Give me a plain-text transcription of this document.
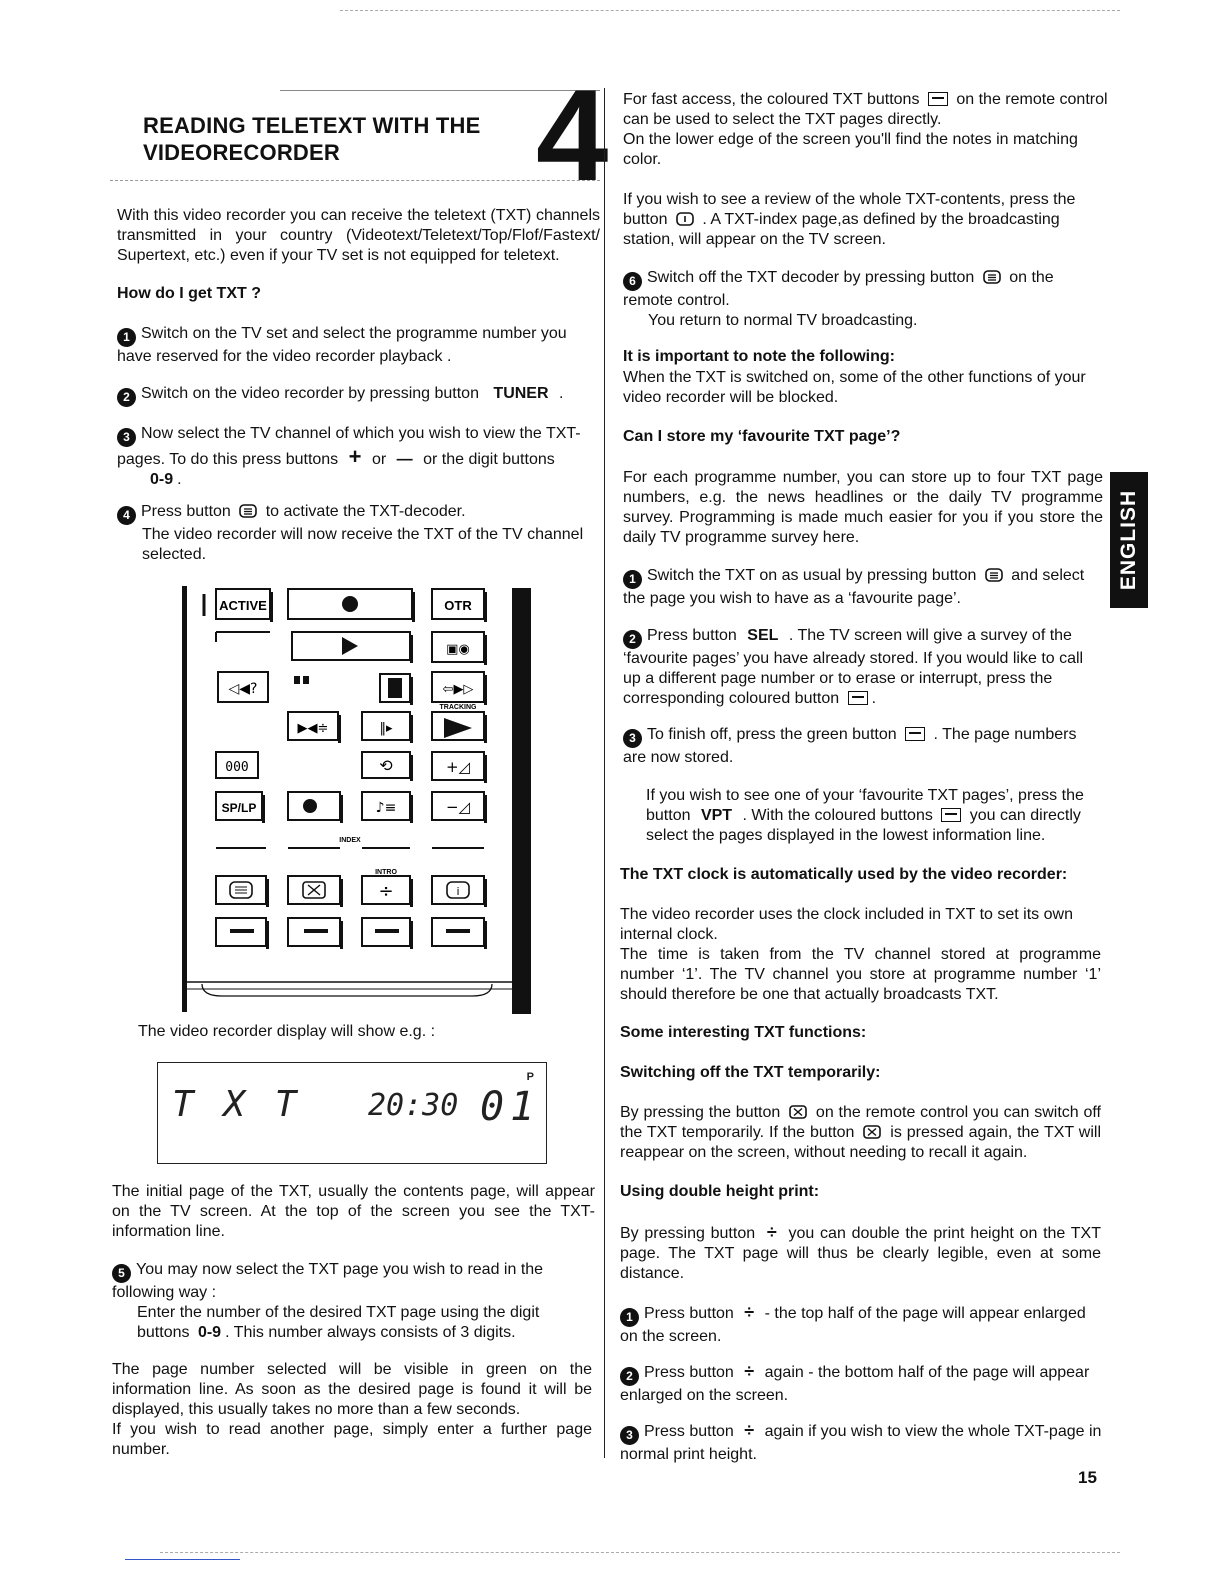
READING TELETEXT WITH THE
VIDEORECORDER	4
With this video recorder you can receive the teletext (TXT) channels transmitted in your country (Videotext/Teletext/Top/Flof/Fastext/ Supertext, etc.) even if your TV set is not equipped for teletext.
How do I get TXT ?
1 Switch on the TV set and select the programme number you have reserved for the video recorder playback .
2 Switch on the video recorder by pressing button TUNER .
3 Now select the TV channel of which you wish to view the TXT-pages. To do this press buttons + or — or the digit buttons
0-9 .
4 Press button to activate the TXT-decoder.
The video recorder will now receive the TXT of the TV channel selected.
ACTIVE	OTR
◁◀?
▣◉
⇦▶▷
TRACKING
▶◀≑	‖▸
000	⟲	+◿
SP/LP	♪≡	−◿
INDEX
INTRO
÷	i
The video recorder display will show e.g. :
P
T X T 20:30 01
The initial page of the TXT, usually the contents page, will appear on the TV screen. At the top of the screen you see the TXT-information line.
5 You may now select the TXT page you wish to read in the following way :
Enter the number of the desired TXT page using the digit buttons 0-9 . This number always consists of 3 digits.
The page number selected will be visible in green on the information line. As soon as the desired page is found it will be displayed, this usually takes no more than a few seconds.
If you wish to read another page, simply enter a further page number.
For fast access, the coloured TXT buttons on the remote control can be used to select the TXT pages directly.
On the lower edge of the screen you'll find the notes in matching color.
If you wish to see a review of the whole TXT-contents, press the button . A TXT-index page,as defined by the broadcasting station, will appear on the TV screen.
6 Switch off the TXT decoder by pressing button on the remote control.
You return to normal TV broadcasting.
It is important to note the following:
When the TXT is switched on, some of the other functions of your video recorder will be blocked.
Can I store my ‘favourite TXT page’?
For each programme number, you can store up to four TXT page numbers, e.g. the news headlines or the daily TV programme survey. Programming is made much easier for you if you store the daily TV programme survey here.
1 Switch the TXT on as usual by pressing button and select the page you wish to have as a ‘favourite page’.
2 Press button SEL . The TV screen will give a survey of the ‘favourite pages’ you have already stored. If you would like to call up a different page number or to erase or interrupt, press the corresponding coloured button .
3 To finish off, press the green button . The page numbers are now stored.
If you wish to see one of your ‘favourite TXT pages’, press the button VPT . With the coloured buttons you can directly select the pages displayed in the lowest information line.
The TXT clock is automatically used by the video recorder:
The video recorder uses the clock included in TXT to set its own internal clock.
The time is taken from the TV channel stored at programme number ‘1’. The TV channel you store at programme number ‘1’ should therefore be one that actually broadcasts TXT.
Some interesting TXT functions:
Switching off the TXT temporarily:
By pressing the button on the remote control you can switch off the TXT temporarily. If the button is pressed again, the TXT will reappear on the screen, without needing to recall it again.
Using double height print:
By pressing button ÷ you can double the print height on the TXT page. The TXT page will thus be clearly legible, even at some distance.
1 Press button ÷ - the top half of the page will appear enlarged on the screen.
2 Press button ÷ again - the bottom half of the page will appear enlarged on the screen.
3 Press button ÷ again if you wish to view the whole TXT-page in normal print height.
ENGLISH
15
